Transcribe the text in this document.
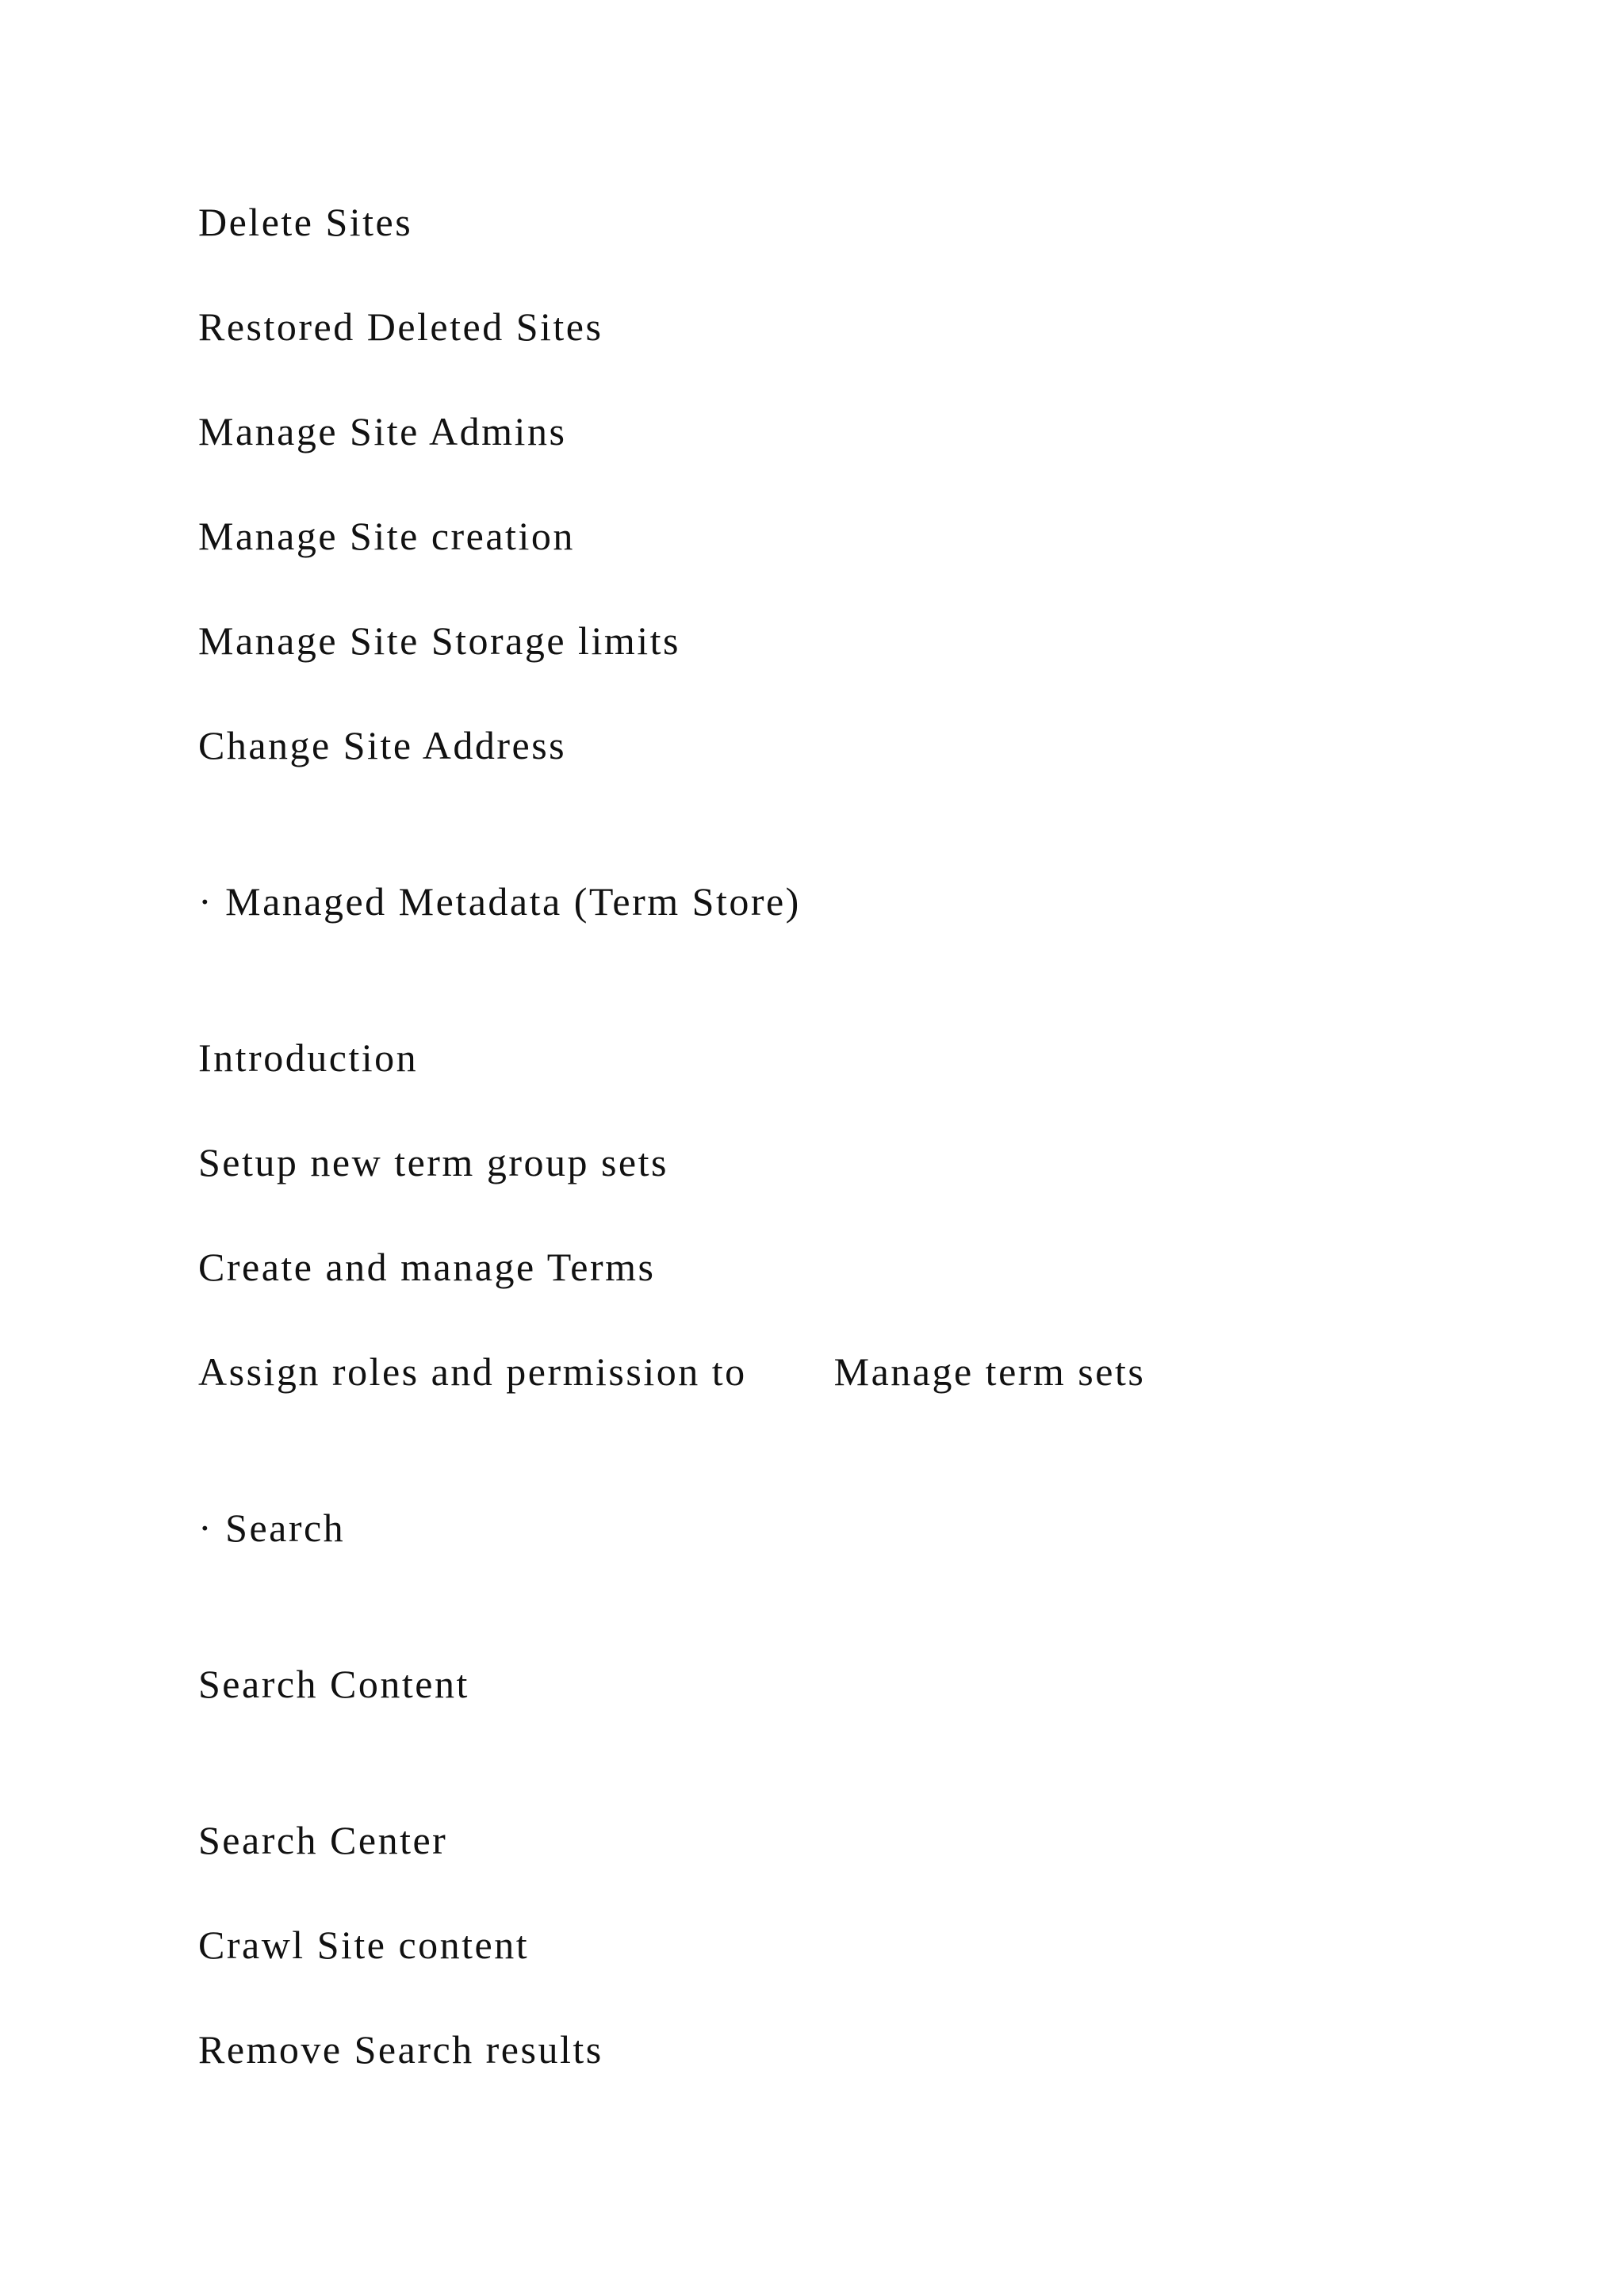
Delete Sites
Restored Deleted Sites
Manage Site Admins
Manage Site creation
Manage Site Storage limits
Change Site Address
· Managed Metadata (Term Store)
Introduction
Setup new term group sets
Create and manage Terms
Assign roles and permission to Manage term sets
· Search
Search Content
Search Center
Crawl Site content
Remove Search results
